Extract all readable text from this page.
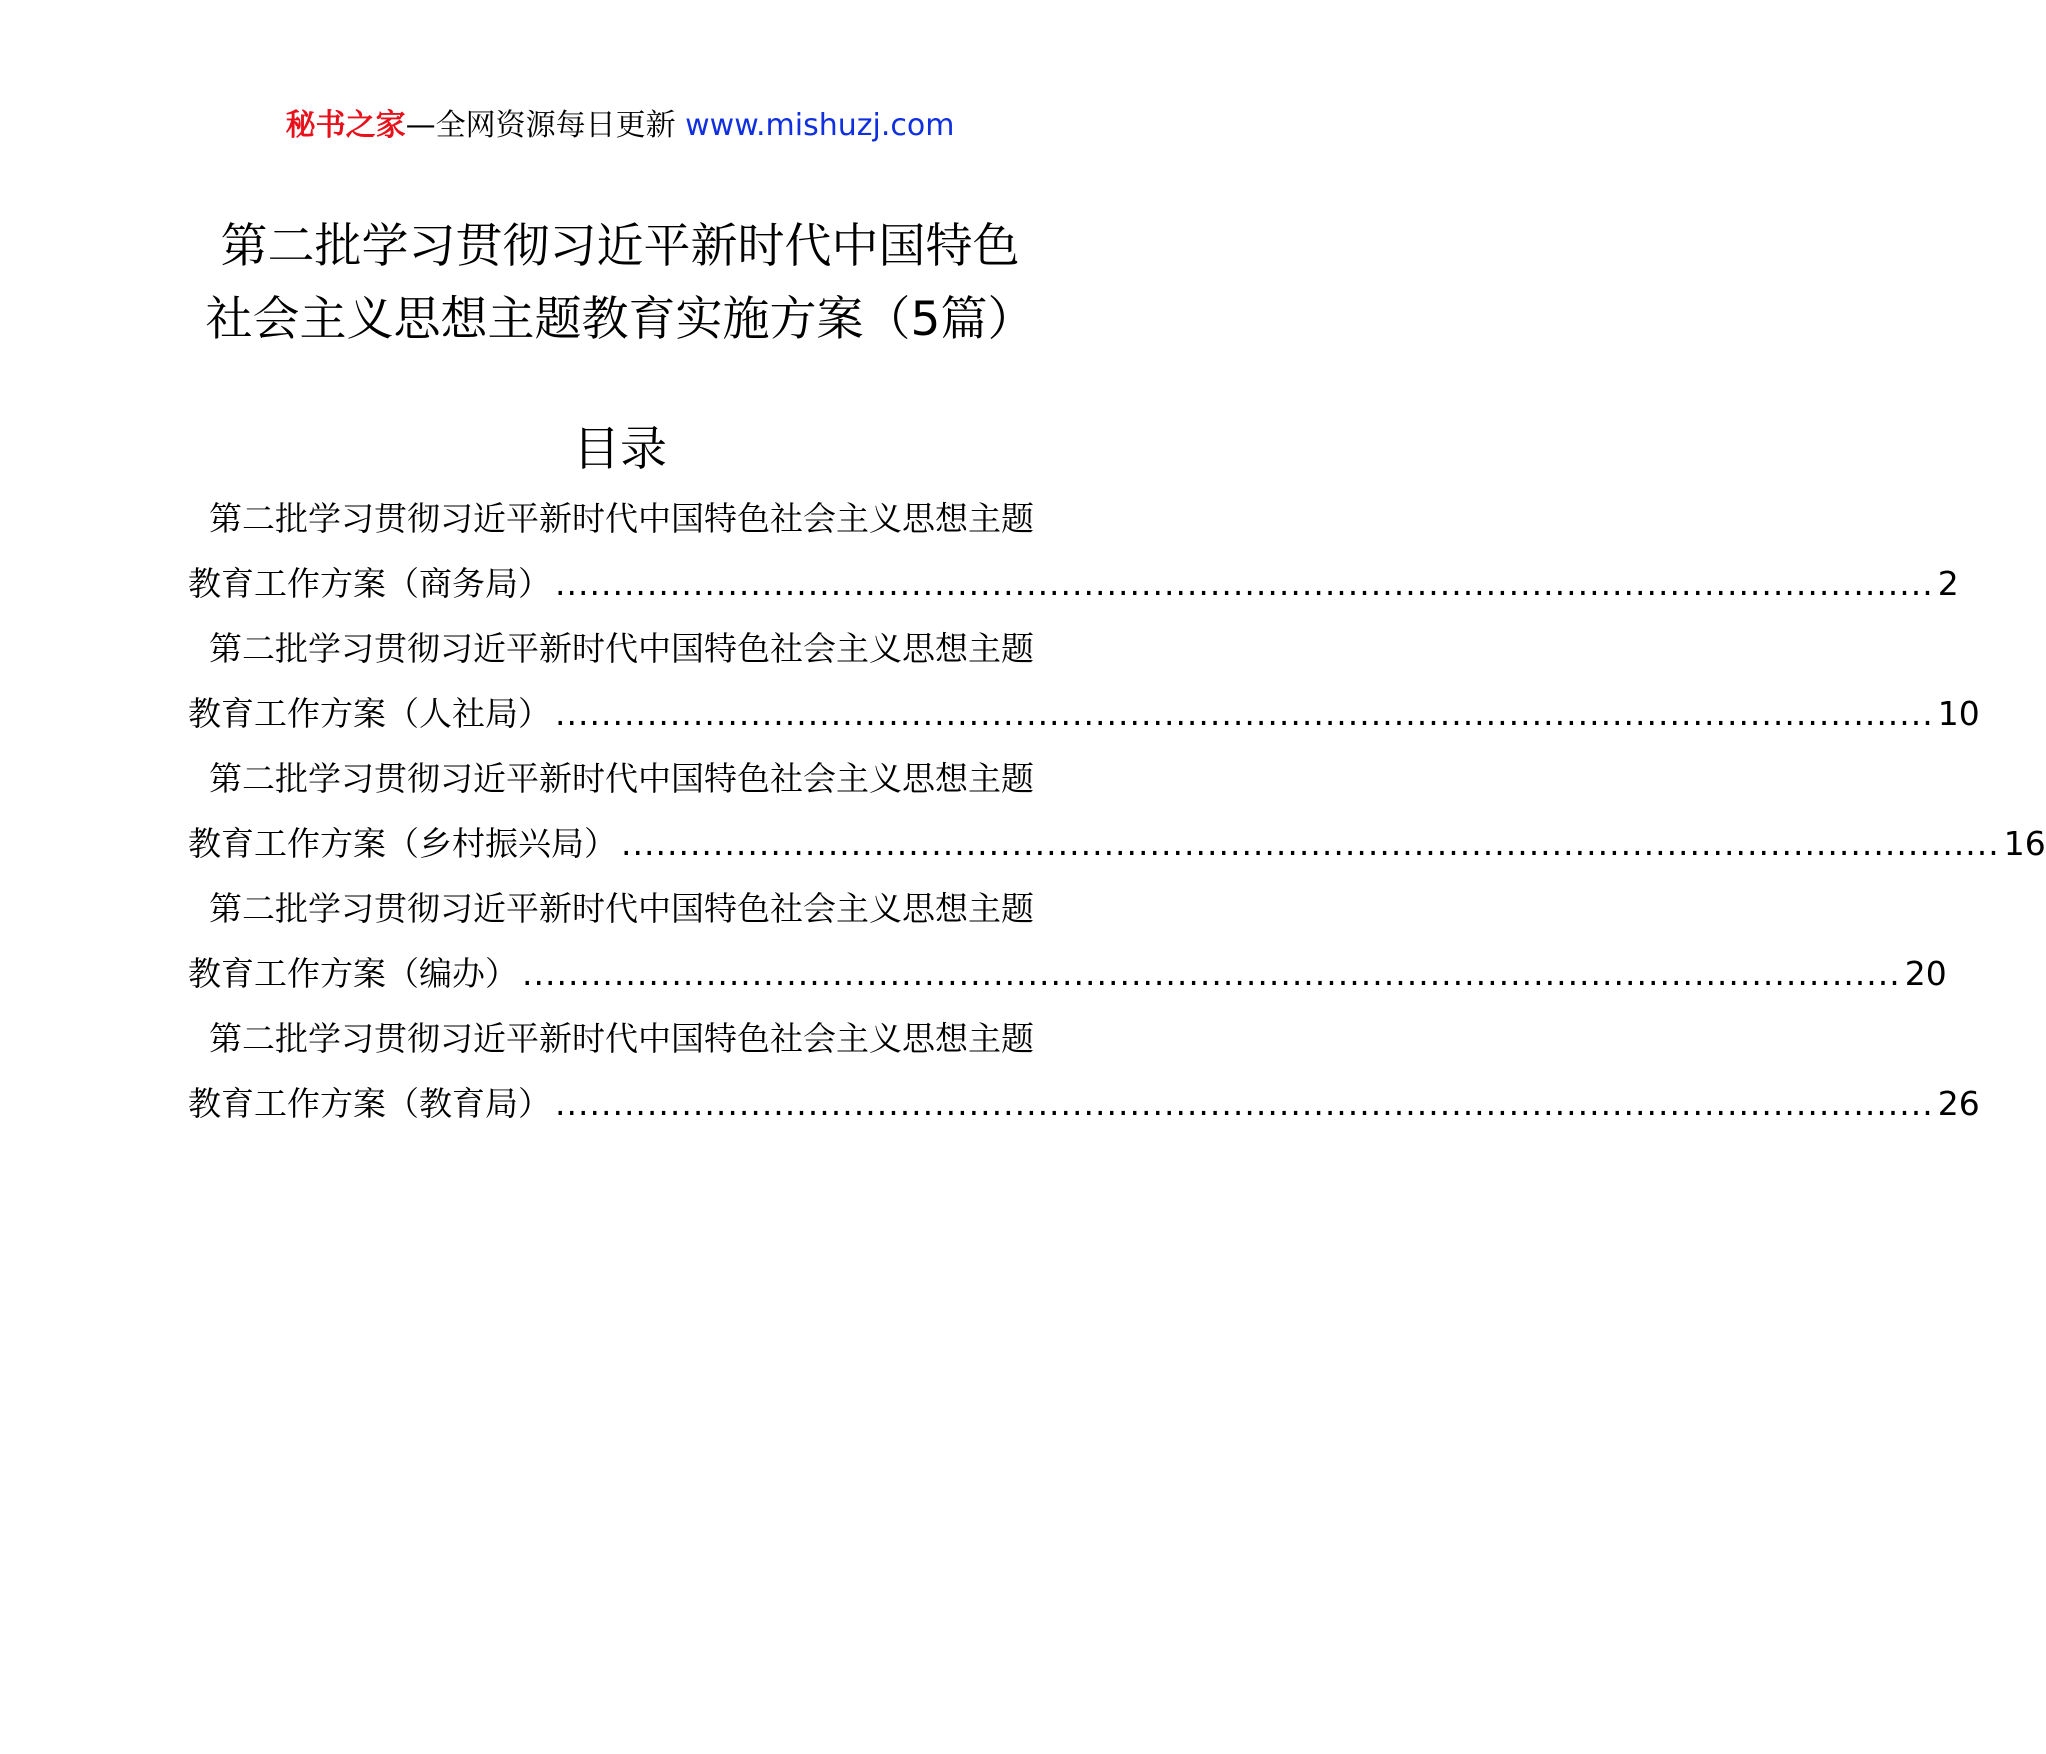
秘书之家—全网资源每日更新 www.mishuzj.com
第二批学习贯彻习近平新时代中国特色
社会主义思想主题教育实施方案（5篇）
目录
第二批学习贯彻习近平新时代中国特色社会主义思想主题
教育工作方案（商务局） ........................................................................................................................ 2
第二批学习贯彻习近平新时代中国特色社会主义思想主题
教育工作方案（人社局） ........................................................................................................................ 10
第二批学习贯彻习近平新时代中国特色社会主义思想主题
教育工作方案（乡村振兴局） ........................................................................................................................ 16
第二批学习贯彻习近平新时代中国特色社会主义思想主题
教育工作方案（编办） ........................................................................................................................ 20
第二批学习贯彻习近平新时代中国特色社会主义思想主题
教育工作方案（教育局） ........................................................................................................................ 26
